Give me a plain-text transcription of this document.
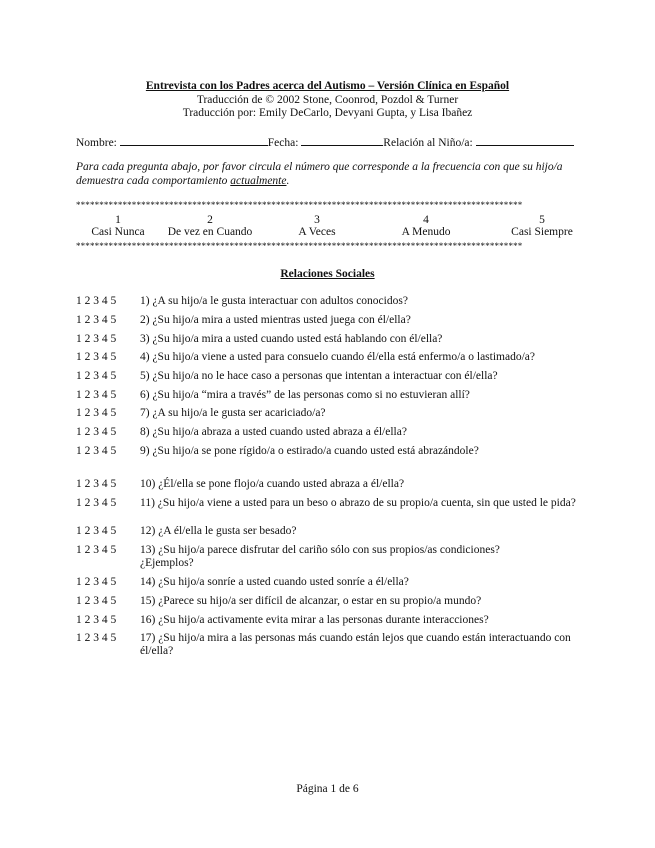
Entrevista con los Padres acerca del Autismo – Versión Clínica en Español
Traducción de © 2002 Stone, Coonrod, Pozdol & Turner
Traducción por: Emily DeCarlo, Devyani Gupta, y Lisa Ibañez
Nombre:	Fecha:	Relación al Niño/a:
Para cada pregunta abajo, por favor circula el número que corresponde a la frecuencia con que su hijo/a demuestra cada comportamiento actualmente.
************************************************************************************************
1
Casi Nunca
2
De vez en Cuando
3
A Veces
4
A Menudo
5
Casi Siempre
************************************************************************************************
Relaciones Sociales
1 2 3 4 5 1) ¿A su hijo/a le gusta interactuar con adultos conocidos?
1 2 3 4 5 2) ¿Su hijo/a mira a usted mientras usted juega con él/ella?
1 2 3 4 5 3) ¿Su hijo/a mira a usted cuando usted está hablando con él/ella?
1 2 3 4 5 4) ¿Su hijo/a viene a usted para consuelo cuando él/ella está enfermo/a o lastimado/a?
1 2 3 4 5 5) ¿Su hijo/a no le hace caso a personas que intentan a interactuar con él/ella?
1 2 3 4 5 6) ¿Su hijo/a “mira a través” de las personas como si no estuvieran allí?
1 2 3 4 5 7) ¿A su hijo/a le gusta ser acariciado/a?
1 2 3 4 5 8) ¿Su hijo/a abraza a usted cuando usted abraza a él/ella?
1 2 3 4 5 9) ¿Su hijo/a se pone rígido/a o estirado/a cuando usted está abrazándole?
1 2 3 4 5 10) ¿Él/ella se pone flojo/a cuando usted abraza a él/ella?
1 2 3 4 5 11) ¿Su hijo/a viene a usted para un beso o abrazo de su propio/a cuenta, sin que usted le pida?
1 2 3 4 5 12) ¿A él/ella le gusta ser besado?
1 2 3 4 5 13) ¿Su hijo/a parece disfrutar del cariño sólo con sus propios/as condiciones? ¿Ejemplos?
1 2 3 4 5 14) ¿Su hijo/a sonríe a usted cuando usted sonríe a él/ella?
1 2 3 4 5 15) ¿Parece su hijo/a ser difícil de alcanzar, o estar en su propio/a mundo?
1 2 3 4 5 16) ¿Su hijo/a activamente evita mirar a las personas durante interacciones?
1 2 3 4 5 17) ¿Su hijo/a mira a las personas más cuando están lejos que cuando están interactuando con él/ella?
Página 1 de 6
